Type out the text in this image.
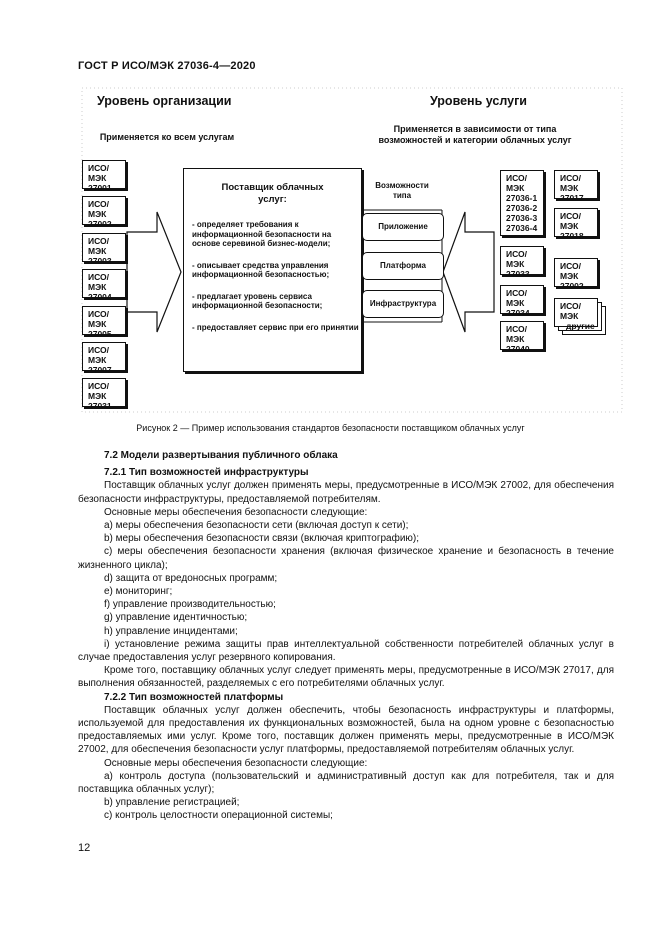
ГОСТ Р ИСО/МЭК 27036-4—2020
Уровень организации	Уровень услуги
Применяется ко всем услугам
Применяется в зависимости от типа
возможностей и категории облачных услуг
ИСО/МЭК
27001
ИСО/МЭК
27002
ИСО/МЭК
27003
ИСО/МЭК
27004
ИСО/МЭК
27005
ИСО/МЭК
27007
ИСО/МЭК
27031
Поставщик облачных
услуг:
- определяет требования к информационной безопасности на основе серевиной бизнес-модели;
- описывает средства управления информационной безопасностью;
- предлагает уровень сервиса информационной безопасности;
- предоставляет сервис при его принятии
Возможности
типа
Приложение
Платформа
Инфраструктура
ИСО/МЭК
27036-1
27036-2
27036-3
27036-4
ИСО/МЭК
27033
ИСО/МЭК
27034
ИСО/МЭК
27040
ИСО/МЭК
27017
ИСО/МЭК
27018
ИСО/МЭК
27002
ИСО/МЭК
другие
Рисунок 2 — Пример использования стандартов безопасности поставщиком облачных услуг

7.2 Модели развертывания публичного облака

7.2.1 Тип возможностей инфраструктуры

Поставщик облачных услуг должен применять меры, предусмотренные в ИСО/МЭК 27002, для обеспечения безопасности инфраструктуры, предоставляемой потребителям.

Основные меры обеспечения безопасности следующие:

a) меры обеспечения безопасности сети (включая доступ к сети);

b) меры обеспечения безопасности связи (включая криптографию);

c) меры обеспечения безопасности хранения (включая физическое хранение и безопасность в течение жизненного цикла);

d) защита от вредоносных программ;

e) мониторинг;

f) управление производительностью;

g) управление идентичностью;

h) управление инцидентами;

i) установление режима защиты прав интеллектуальной собственности потребителей облачных услуг в случае предоставления услуг резервного копирования.

Кроме того, поставщику облачных услуг следует применять меры, предусмотренные в ИСО/МЭК 27017, для выполнения обязанностей, разделяемых с его потребителями облачных услуг.

7.2.2 Тип возможностей платформы

Поставщик облачных услуг должен обеспечить, чтобы безопасность инфраструктуры и платформы, используемой для предоставления их функциональных возможностей, была на одном уровне с безопасностью предоставляемых ими услуг. Кроме того, поставщик должен применять меры, предусмотренные в ИСО/МЭК 27002, для обеспечения безопасности услуг платформы, предоставляемой потребителям облачных услуг.

Основные меры обеспечения безопасности следующие:

a) контроль доступа (пользовательский и административный доступ как для потребителя, так и для поставщика облачных услуг);

b) управление регистрацией;

c) контроль целостности операционной системы;

12
